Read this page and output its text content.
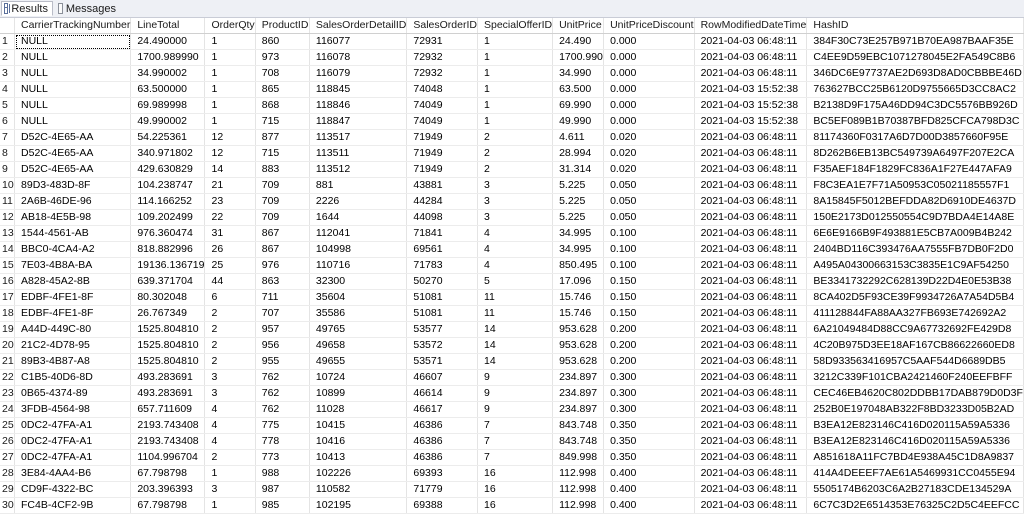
Results Messages
	CarrierTrackingNumber	LineTotal	OrderQty	ProductID	SalesOrderDetailID	SalesOrderID	SpecialOfferID	UnitPrice	UnitPriceDiscount	RowModifiedDateTime	HashID
1	NULL	24.490000	1	860	116077	72931	1	24.490	0.000	2021-04-03 06:48:11	384F30C73E257B971B70EA987BAAF35E
2	NULL	1700.989990	1	973	116078	72932	1	1700.990	0.000	2021-04-03 06:48:11	C4EE9D59EBC1071278045E2FA549C8B6
3	NULL	34.990002	1	708	116079	72932	1	34.990	0.000	2021-04-03 06:48:11	346DC6E97737AE2D693D8AD0CBBBE46D
4	NULL	63.500000	1	865	118845	74048	1	63.500	0.000	2021-04-03 15:52:38	763627BCC25B6120D9755665D3CC8AC2
5	NULL	69.989998	1	868	118846	74049	1	69.990	0.000	2021-04-03 15:52:38	B2138D9F175A46DD94C3DC5576BB926D
6	NULL	49.990002	1	715	118847	74049	1	49.990	0.000	2021-04-03 15:52:38	BC5EF089B1B70387BFD825CFCA798D3C
7	D52C-4E65-AA	54.225361	12	877	113517	71949	2	4.611	0.020	2021-04-03 06:48:11	81174360F0317A6D7D00D3857660F95E
8	D52C-4E65-AA	340.971802	12	715	113511	71949	2	28.994	0.020	2021-04-03 06:48:11	8D262B6EB13BC549739A6497F207E2CA
9	D52C-4E65-AA	429.630829	14	883	113512	71949	2	31.314	0.020	2021-04-03 06:48:11	F35AEF184F1829FC836A1F27E447AFA9
10	89D3-483D-8F	104.238747	21	709	881	43881	3	5.225	0.050	2021-04-03 06:48:11	F8C3EA1E7F71A50953C05021185557F1
11	2A6B-46DE-96	114.166252	23	709	2226	44284	3	5.225	0.050	2021-04-03 06:48:11	8A15845F5012BEFDDA82D6910DE4637D
12	AB18-4E5B-98	109.202499	22	709	1644	44098	3	5.225	0.050	2021-04-03 06:48:11	150E2173D012550554C9D7BDA4E14A8E
13	1544-4561-AB	976.360474	31	867	112041	71841	4	34.995	0.100	2021-04-03 06:48:11	6E6E9166B9F493881E5CB7A009B4B242
14	BBC0-4CA4-A2	818.882996	26	867	104998	69561	4	34.995	0.100	2021-04-03 06:48:11	2404BD116C393476AA7555FB7DB0F2D0
15	7E03-4B8A-BA	19136.136719	25	976	110716	71783	4	850.495	0.100	2021-04-03 06:48:11	A495A04300663153C3835E1C9AF54250
16	A828-45A2-8B	639.371704	44	863	32300	50270	5	17.096	0.150	2021-04-03 06:48:11	BE3341732292C628139D22D4E0E53B38
17	EDBF-4FE1-8F	80.302048	6	711	35604	51081	11	15.746	0.150	2021-04-03 06:48:11	8CA402D5F93CE39F9934726A7A54D5B4
18	EDBF-4FE1-8F	26.767349	2	707	35586	51081	11	15.746	0.150	2021-04-03 06:48:11	411128844FA88AA327FB693E742692A2
19	A44D-449C-80	1525.804810	2	957	49765	53577	14	953.628	0.200	2021-04-03 06:48:11	6A21049484D88CC9A67732692FE429D8
20	21C2-4D78-95	1525.804810	2	956	49658	53572	14	953.628	0.200	2021-04-03 06:48:11	4C20B975D3EE18AF167CB86622660ED8
21	89B3-4B87-A8	1525.804810	2	955	49655	53571	14	953.628	0.200	2021-04-03 06:48:11	58D933563416957C5AAF544D6689DB5
22	C1B5-40D6-8D	493.283691	3	762	10724	46607	9	234.897	0.300	2021-04-03 06:48:11	3212C339F101CBA2421460F240EEFBFF
23	0B65-4374-89	493.283691	3	762	10899	46614	9	234.897	0.300	2021-04-03 06:48:11	CEC46EB4620C802DDBB17DAB879D0D3F
24	3FDB-4564-98	657.711609	4	762	11028	46617	9	234.897	0.300	2021-04-03 06:48:11	252B0E197048AB322F8BD3233D05B2AD
25	0DC2-47FA-A1	2193.743408	4	775	10415	46386	7	843.748	0.350	2021-04-03 06:48:11	B3EA12E823146C416D020115A59A5336
26	0DC2-47FA-A1	2193.743408	4	778	10416	46386	7	843.748	0.350	2021-04-03 06:48:11	B3EA12E823146C416D020115A59A5336
27	0DC2-47FA-A1	1104.996704	2	773	10413	46386	7	849.998	0.350	2021-04-03 06:48:11	A851618A11FC7BD4E938A45C1D8A9837
28	3E84-4AA4-B6	67.798798	1	988	102226	69393	16	112.998	0.400	2021-04-03 06:48:11	414A4DEEEF7AE61A5469931CC0455E94
29	CD9F-4322-BC	203.396393	3	987	110582	71779	16	112.998	0.400	2021-04-03 06:48:11	5505174B6203C6A2B27183CDE134529A
30	FC4B-4CF2-9B	67.798798	1	985	102195	69388	16	112.998	0.400	2021-04-03 06:48:11	6C7C3D2E6514353E76325C2D5C4EEFCC
